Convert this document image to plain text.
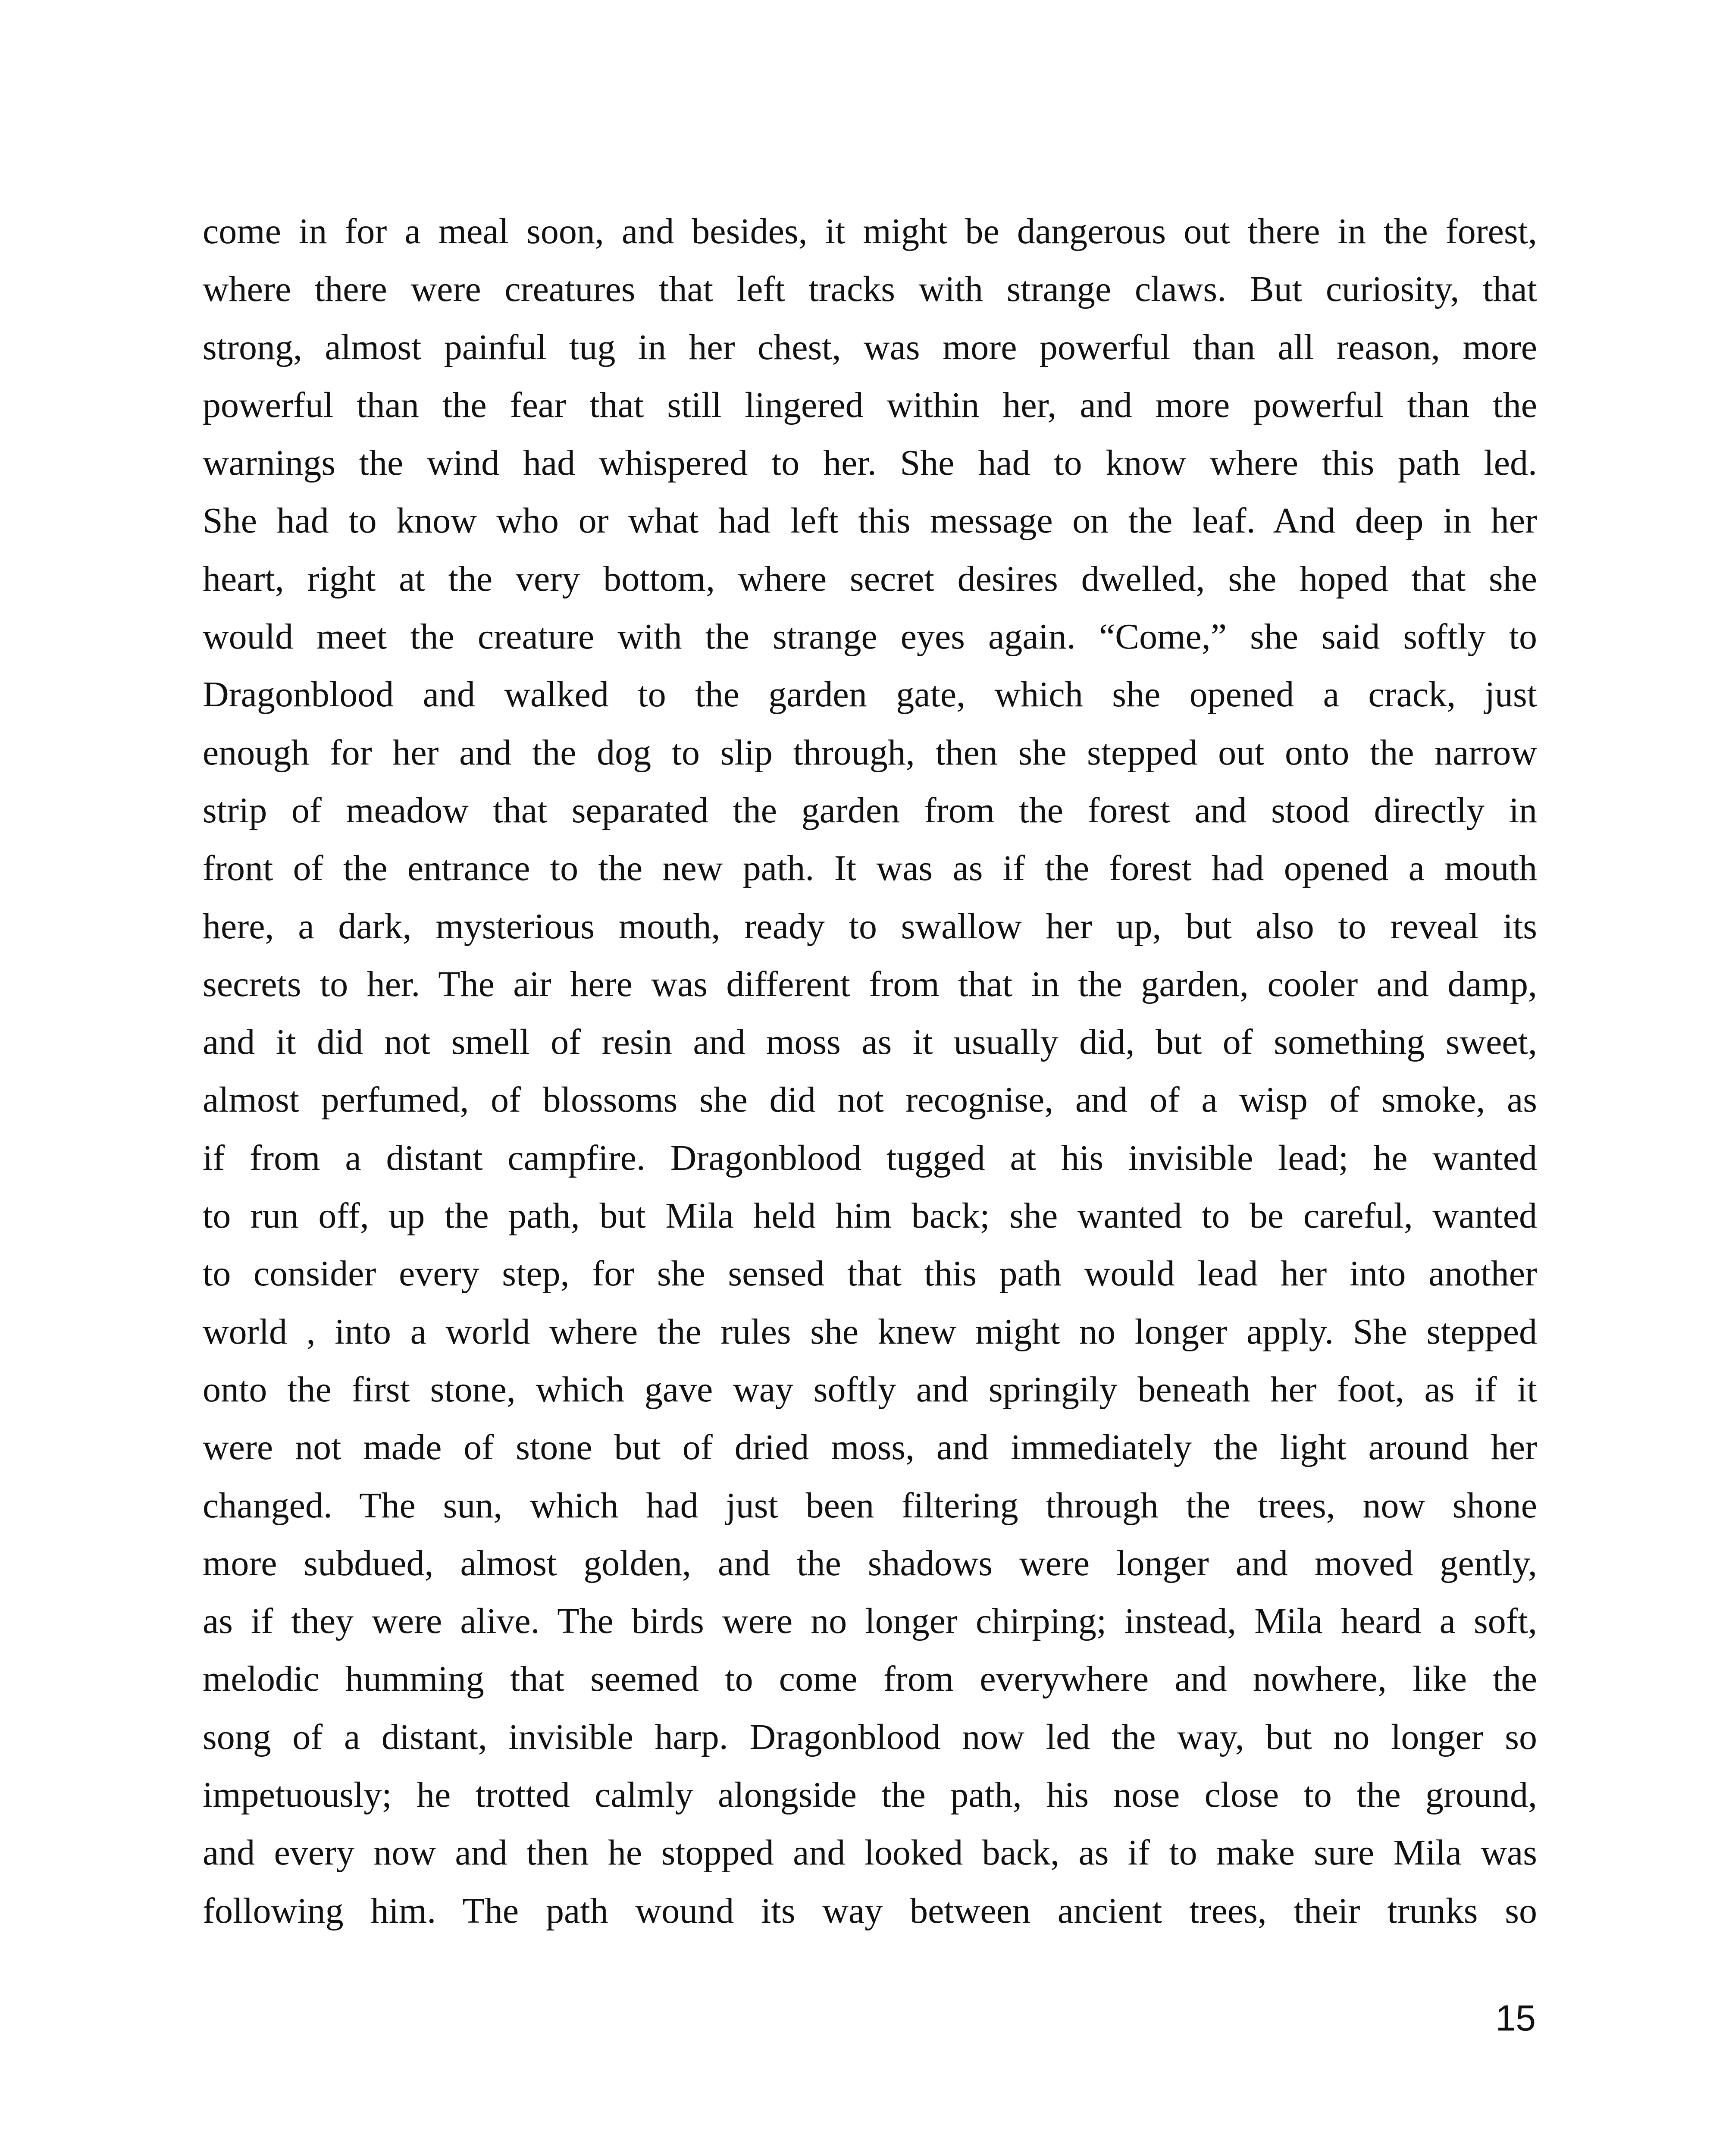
come in for a meal soon, and besides, it might be dangerous out there in the forest,
where there were creatures that left tracks with strange claws. But curiosity, that
strong, almost painful tug in her chest, was more powerful than all reason, more
powerful than the fear that still lingered within her, and more powerful than the
warnings the wind had whispered to her. She had to know where this path led.
She had to know who or what had left this message on the leaf. And deep in her
heart, right at the very bottom, where secret desires dwelled, she hoped that she
would meet the creature with the strange eyes again. “Come,” she said softly to
Dragonblood and walked to the garden gate, which she opened a crack, just
enough for her and the dog to slip through, then she stepped out onto the narrow
strip of meadow that separated the garden from the forest and stood directly in
front of the entrance to the new path. It was as if the forest had opened a mouth
here, a dark, mysterious mouth, ready to swallow her up, but also to reveal its
secrets to her. The air here was different from that in the garden, cooler and damp,
and it did not smell of resin and moss as it usually did, but of something sweet,
almost perfumed, of blossoms she did not recognise, and of a wisp of smoke, as
if from a distant campfire. Dragonblood tugged at his invisible lead; he wanted
to run off, up the path, but Mila held him back; she wanted to be careful, wanted
to consider every step, for she sensed that this path would lead her into another
world , into a world where the rules she knew might no longer apply. She stepped
onto the first stone, which gave way softly and springily beneath her foot, as if it
were not made of stone but of dried moss, and immediately the light around her
changed. The sun, which had just been filtering through the trees, now shone
more subdued, almost golden, and the shadows were longer and moved gently,
as if they were alive. The birds were no longer chirping; instead, Mila heard a soft,
melodic humming that seemed to come from everywhere and nowhere, like the
song of a distant, invisible harp. Dragonblood now led the way, but no longer so
impetuously; he trotted calmly alongside the path, his nose close to the ground,
and every now and then he stopped and looked back, as if to make sure Mila was
following him. The path wound its way between ancient trees, their trunks so
15
